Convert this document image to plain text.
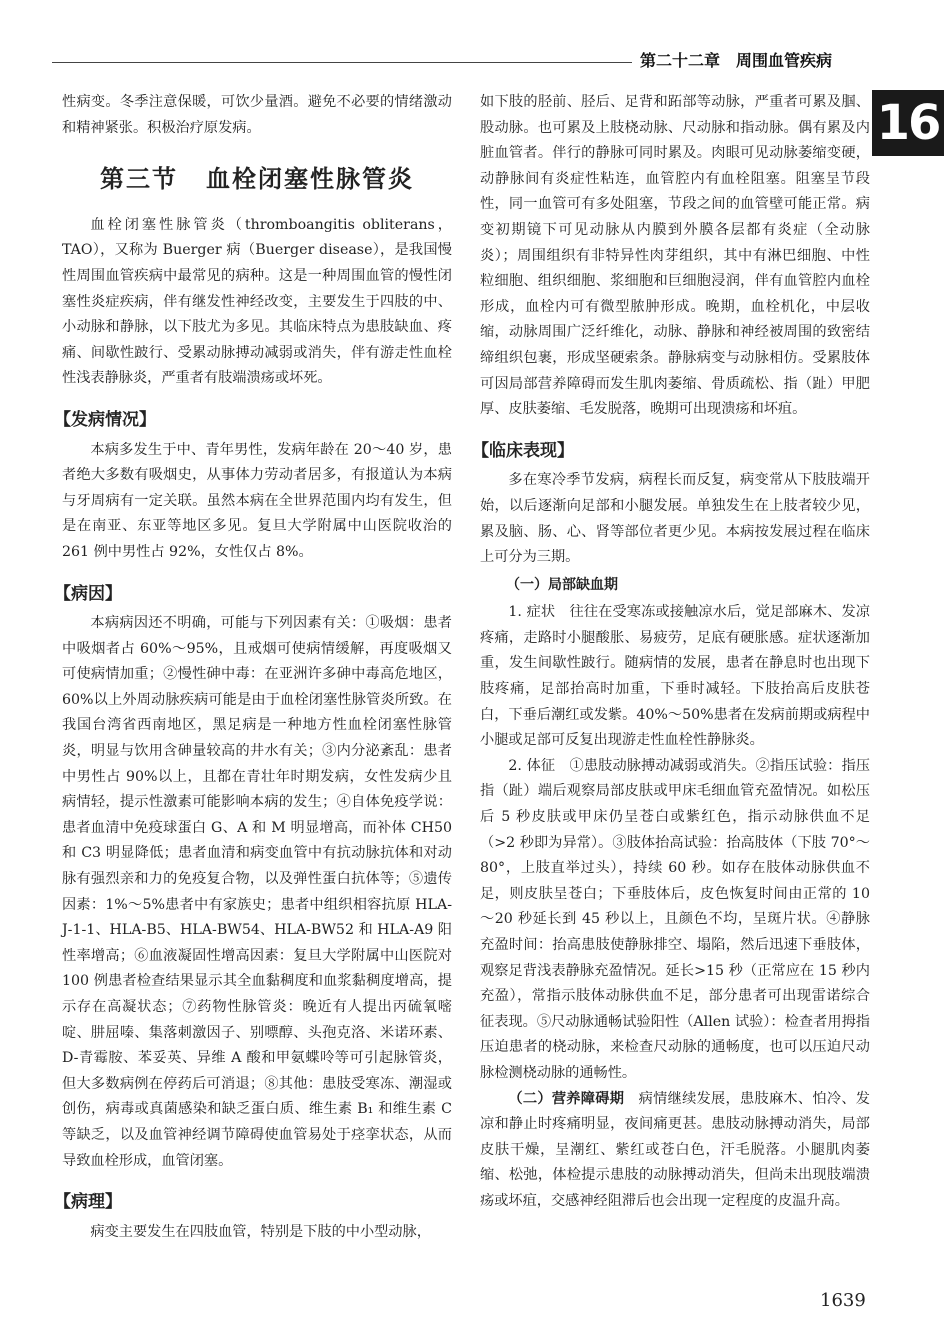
第二十二章　周围血管疾病
16

性病变。冬季注意保暖，可饮少量酒。避免不必要的情绪激动和精神紧张。积极治疗原发病。

第三节 血栓闭塞性脉管炎

血栓闭塞性脉管炎（thromboangitis obliterans，TAO），又称为 Buerger 病（Buerger disease），是我国慢性周围血管疾病中最常见的病种。这是一种周围血管的慢性闭塞性炎症疾病，伴有继发性神经改变，主要发生于四肢的中、小动脉和静脉，以下肢尤为多见。其临床特点为患肢缺血、疼痛、间歇性跛行、受累动脉搏动减弱或消失，伴有游走性血栓性浅表静脉炎，严重者有肢端溃疡或坏死。

【发病情况】

本病多发生于中、青年男性，发病年龄在 20～40 岁，患者绝大多数有吸烟史，从事体力劳动者居多，有报道认为本病与牙周病有一定关联。虽然本病在全世界范围内均有发生，但是在南亚、东亚等地区多见。复旦大学附属中山医院收治的 261 例中男性占 92%，女性仅占 8%。

【病因】

本病病因还不明确，可能与下列因素有关：①吸烟：患者中吸烟者占 60%～95%，且戒烟可使病情缓解，再度吸烟又可使病情加重；②慢性砷中毒：在亚洲许多砷中毒高危地区，60%以上外周动脉疾病可能是由于血栓闭塞性脉管炎所致。在我国台湾省西南地区，黑足病是一种地方性血栓闭塞性脉管炎，明显与饮用含砷量较高的井水有关；③内分泌紊乱：患者中男性占 90%以上，且都在青壮年时期发病，女性发病少且病情轻，提示性激素可能影响本病的发生；④自体免疫学说：患者血清中免疫球蛋白 G、A 和 M 明显增高，而补体 CH50 和 C3 明显降低；患者血清和病变血管中有抗动脉抗体和对动脉有强烈亲和力的免疫复合物，以及弹性蛋白抗体等；⑤遗传因素：1%～5%患者中有家族史；患者中组织相容抗原 HLA-J-1-1、HLA-B5、HLA-BW54、HLA-BW52 和 HLA-A9 阳性率增高；⑥血液凝固性增高因素：复旦大学附属中山医院对 100 例患者检查结果显示其全血黏稠度和血浆黏稠度增高，提示存在高凝状态；⑦药物性脉管炎：晚近有人提出丙硫氧嘧啶、肼屈嗪、集落刺激因子、别嘌醇、头孢克洛、米诺环素、D-青霉胺、苯妥英、异维 A 酸和甲氨蝶呤等可引起脉管炎，但大多数病例在停药后可消退；⑧其他：患肢受寒冻、潮湿或创伤，病毒或真菌感染和缺乏蛋白质、维生素 B₁ 和维生素 C 等缺乏，以及血管神经调节障碍使血管易处于痉挛状态，从而导致血栓形成，血管闭塞。

【病理】

病变主要发生在四肢血管，特别是下肢的中小型动脉，

如下肢的胫前、胫后、足背和跖部等动脉，严重者可累及腘、股动脉。也可累及上肢桡动脉、尺动脉和指动脉。偶有累及内脏血管者。伴行的静脉可同时累及。肉眼可见动脉萎缩变硬，动静脉间有炎症性粘连，血管腔内有血栓阻塞。阻塞呈节段性，同一血管可有多处阻塞，节段之间的血管壁可能正常。病变初期镜下可见动脉从内膜到外膜各层都有炎症（全动脉炎）；周围组织有非特异性肉芽组织，其中有淋巴细胞、中性粒细胞、组织细胞、浆细胞和巨细胞浸润，伴有血管腔内血栓形成，血栓内可有微型脓肿形成。晚期，血栓机化，中层收缩，动脉周围广泛纤维化，动脉、静脉和神经被周围的致密结缔组织包裹，形成坚硬索条。静脉病变与动脉相仿。受累肢体可因局部营养障碍而发生肌肉萎缩、骨质疏松、指（趾）甲肥厚、皮肤萎缩、毛发脱落，晚期可出现溃疡和坏疽。

【临床表现】

多在寒冷季节发病，病程长而反复，病变常从下肢肢端开始，以后逐渐向足部和小腿发展。单独发生在上肢者较少见，累及脑、肠、心、肾等部位者更少见。本病按发展过程在临床上可分为三期。

（一）局部缺血期

1. 症状　往往在受寒冻或接触凉水后，觉足部麻木、发凉疼痛，走路时小腿酸胀、易疲劳，足底有硬胀感。症状逐渐加重，发生间歇性跛行。随病情的发展，患者在静息时也出现下肢疼痛，足部抬高时加重，下垂时减轻。下肢抬高后皮肤苍白，下垂后潮红或发紫。40%～50%患者在发病前期或病程中小腿或足部可反复出现游走性血栓性静脉炎。

2. 体征　①患肢动脉搏动减弱或消失。②指压试验：指压指（趾）端后观察局部皮肤或甲床毛细血管充盈情况。如松压后 5 秒皮肤或甲床仍呈苍白或紫红色，指示动脉供血不足（>2 秒即为异常）。③肢体抬高试验：抬高肢体（下肢 70°～80°，上肢直举过头），持续 60 秒。如存在肢体动脉供血不足，则皮肤呈苍白；下垂肢体后，皮色恢复时间由正常的 10～20 秒延长到 45 秒以上，且颜色不均，呈斑片状。④静脉充盈时间：抬高患肢使静脉排空、塌陷，然后迅速下垂肢体，观察足背浅表静脉充盈情况。延长>15 秒（正常应在 15 秒内充盈），常指示肢体动脉供血不足，部分患者可出现雷诺综合征表现。⑤尺动脉通畅试验阳性（Allen 试验）：检查者用拇指压迫患者的桡动脉，来检查尺动脉的通畅度，也可以压迫尺动脉检测桡动脉的通畅性。

（二）营养障碍期　病情继续发展，患肢麻木、怕冷、发凉和静止时疼痛明显，夜间痛更甚。患肢动脉搏动消失，局部皮肤干燥，呈潮红、紫红或苍白色，汗毛脱落。小腿肌肉萎缩、松弛，体检提示患肢的动脉搏动消失，但尚未出现肢端溃疡或坏疽，交感神经阻滞后也会出现一定程度的皮温升高。

1639
